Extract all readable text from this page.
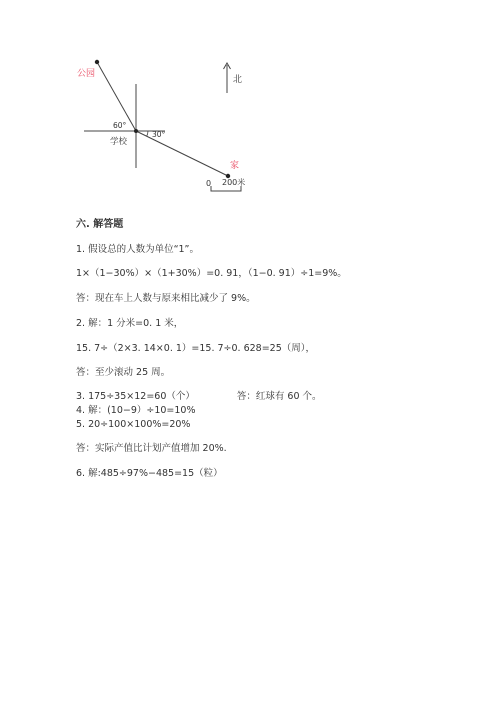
公园
60°
30°
学校
北
家
0 200米
六. 解答题
1. 假设总的人数为单位“1”。
1×（1−30%）×（1+30%）=0. 91，（1−0. 91）÷1=9%。
答：现在车上人数与原来相比减少了 9%。
2. 解：1 分米=0. 1 米，
15. 7÷（2×3. 14×0. 1）=15. 7÷0. 628=25（周），
答：至少滚动 25 周。
3. 175÷35×12=60（个）	答：红球有 60 个。
4. 解：(10−9）÷10=10%
5. 20÷100×100%=20%
答：实际产值比计划产值增加 20%.
6. 解:485÷97%−485=15（粒）
